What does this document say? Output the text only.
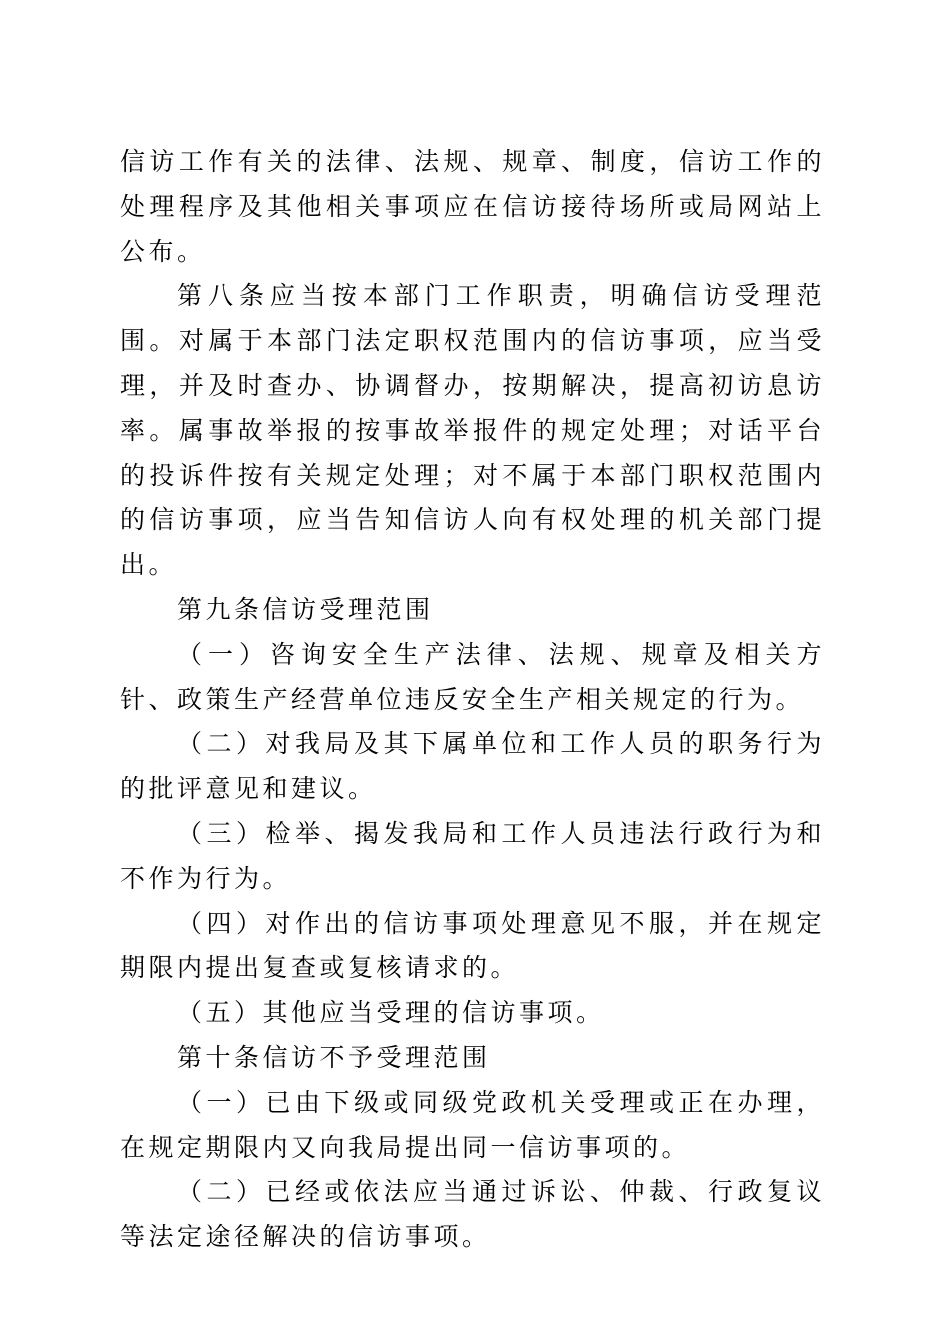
信访工作有关的法律、法规、规章、制度，信访工作的处理程序及其他相关事项应在信访接待场所或局网站上公布。

第八条应当按本部门工作职责，明确信访受理范围。对属于本部门法定职权范围内的信访事项，应当受理，并及时查办、协调督办，按期解决，提高初访息访率。属事故举报的按事故举报件的规定处理；对话平台的投诉件按有关规定处理；对不属于本部门职权范围内的信访事项，应当告知信访人向有权处理的机关部门提出。

第九条信访受理范围

（一）咨询安全生产法律、法规、规章及相关方针、政策生产经营单位违反安全生产相关规定的行为。

（二）对我局及其下属单位和工作人员的职务行为的批评意见和建议。

（三）检举、揭发我局和工作人员违法行政行为和不作为行为。

（四）对作出的信访事项处理意见不服，并在规定期限内提出复查或复核请求的。

（五）其他应当受理的信访事项。

第十条信访不予受理范围

（一）已由下级或同级党政机关受理或正在办理，在规定期限内又向我局提出同一信访事项的。

（二）已经或依法应当通过诉讼、仲裁、行政复议等法定途径解决的信访事项。
